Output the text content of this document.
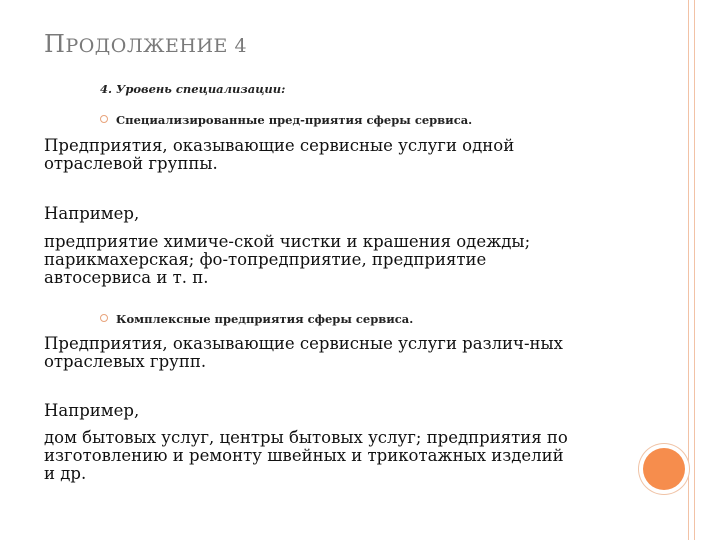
ПРОДОЛЖЕНИЕ 4
4. Уровень специализации:
Специализированные пред-приятия сферы сервиса.
Предприятия, оказывающие сервисные услуги одной
отраслевой группы.
Например,
предприятие химиче-ской чистки и крашения одежды;
парикмахерская; фо-топредприятие, предприятие
автосервиса и т. п.
Комплексные предприятия сферы сервиса.
Предприятия, оказывающие сервисные услуги различ-ных
отраслевых групп.
Например,
дом бытовых услуг, центры бытовых услуг; предприятия по
изготовлению и ремонту швейных и трикотажных изделий
и др.
